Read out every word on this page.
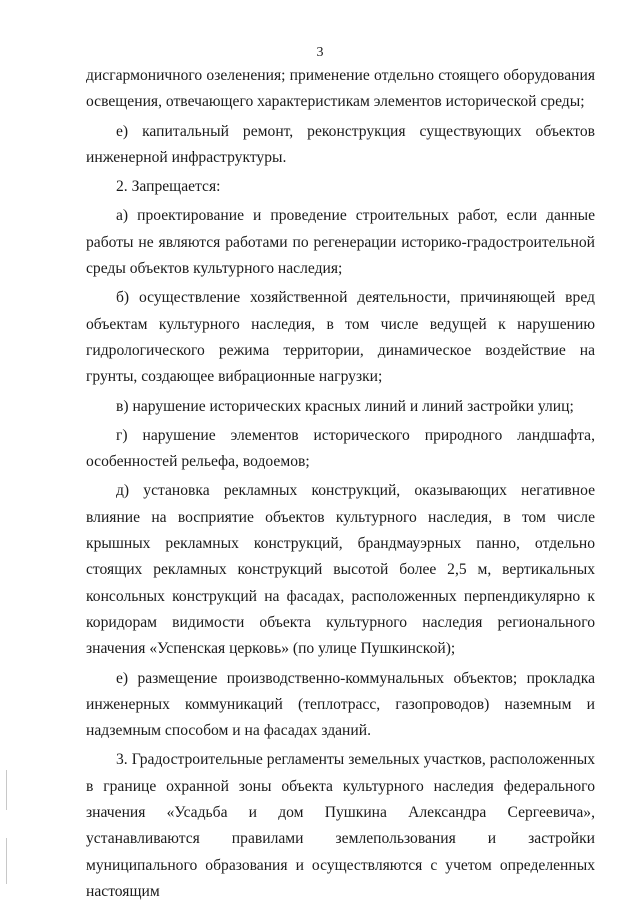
3

дисгармоничного озеленения; применение отдельно стоящего оборудования освещения, отвечающего характеристикам элементов исторической среды;

е) капитальный ремонт, реконструкция существующих объектов инженерной инфраструктуры.

2. Запрещается:

а) проектирование и проведение строительных работ, если данные работы не являются работами по регенерации историко-градостроительной среды объектов культурного наследия;

б) осуществление хозяйственной деятельности, причиняющей вред объектам культурного наследия, в том числе ведущей к нарушению гидрологического режима территории, динамическое воздействие на грунты, создающее вибрационные нагрузки;

в) нарушение исторических красных линий и линий застройки улиц;

г) нарушение элементов исторического природного ландшафта, особенностей рельефа, водоемов;

д) установка рекламных конструкций, оказывающих негативное влияние на восприятие объектов культурного наследия, в том числе крышных рекламных конструкций, брандмауэрных панно, отдельно стоящих рекламных конструкций высотой более 2,5 м, вертикальных консольных конструкций на фасадах, расположенных перпендикулярно к коридорам видимости объекта культурного наследия регионального значения «Успенская церковь» (по улице Пушкинской);

е) размещение производственно-коммунальных объектов; прокладка инженерных коммуникаций (теплотрасс, газопроводов) наземным и надземным способом и на фасадах зданий.

3. Градостроительные регламенты земельных участков, расположенных в границе охранной зоны объекта культурного наследия федерального значения «Усадьба и дом Пушкина Александра Сергеевича», устанавливаются правилами землепользования и застройки муниципального образования и осуществляются с учетом определенных настоящим
